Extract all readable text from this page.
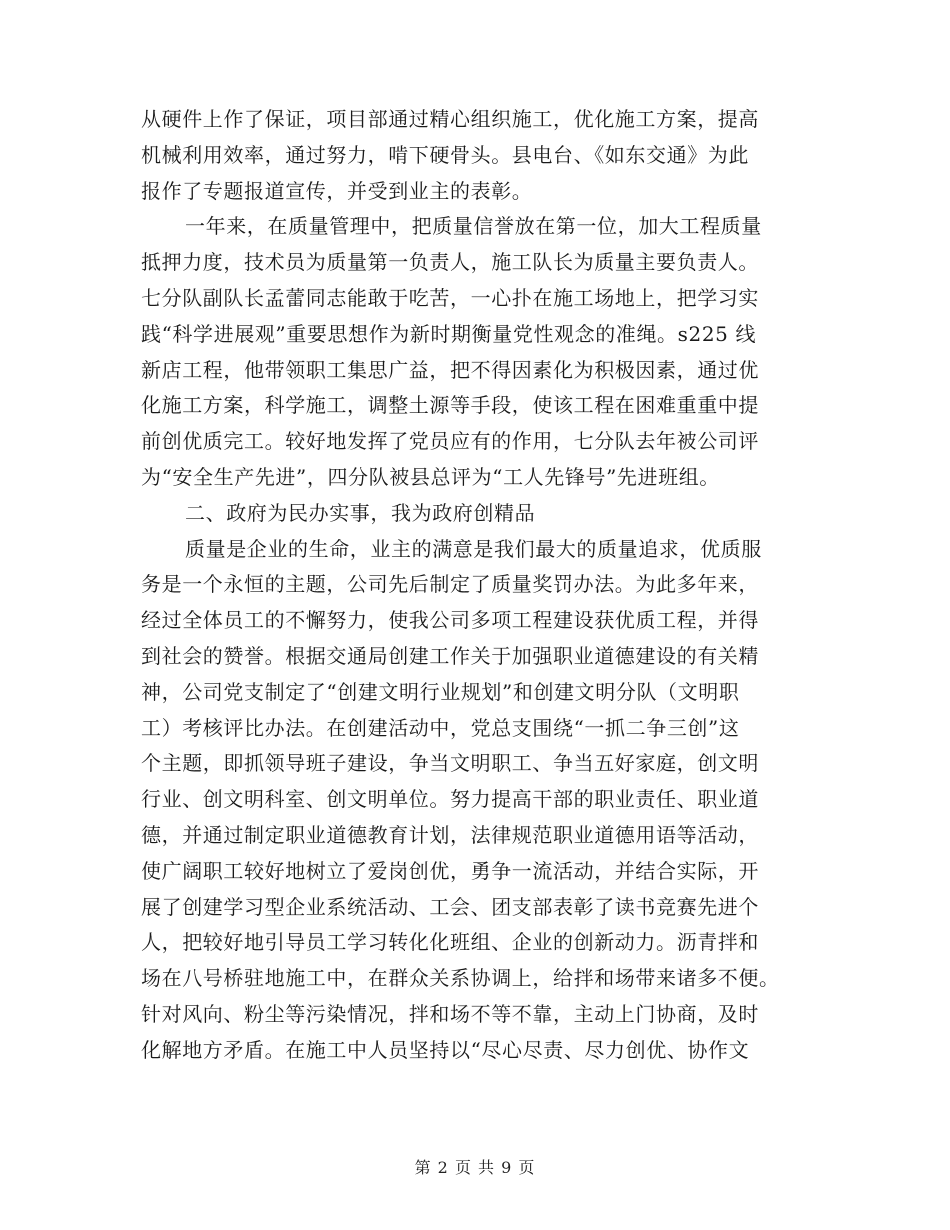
从硬件上作了保证，项目部通过精心组织施工，优化施工方案，提高
机械利用效率，通过努力，啃下硬骨头。县电台、《如东交通》为此
报作了专题报道宣传，并受到业主的表彰。
一年来，在质量管理中，把质量信誉放在第一位，加大工程质量
抵押力度，技术员为质量第一负责人，施工队长为质量主要负责人。
七分队副队长孟蕾同志能敢于吃苦，一心扑在施工场地上，把学习实
践“科学进展观”重要思想作为新时期衡量党性观念的准绳。s225 线
新店工程，他带领职工集思广益，把不得因素化为积极因素，通过优
化施工方案，科学施工，调整土源等手段，使该工程在困难重重中提
前创优质完工。较好地发挥了党员应有的作用，七分队去年被公司评
为“安全生产先进”，四分队被县总评为“工人先锋号”先进班组。
二、政府为民办实事，我为政府创精品
质量是企业的生命，业主的满意是我们最大的质量追求，优质服
务是一个永恒的主题，公司先后制定了质量奖罚办法。为此多年来，
经过全体员工的不懈努力，使我公司多项工程建设获优质工程，并得
到社会的赞誉。根据交通局创建工作关于加强职业道德建设的有关精
神，公司党支制定了“创建文明行业规划”和创建文明分队（文明职
工）考核评比办法。在创建活动中，党总支围绕“一抓二争三创”这
个主题，即抓领导班子建设，争当文明职工、争当五好家庭，创文明
行业、创文明科室、创文明单位。努力提高干部的职业责任、职业道
德，并通过制定职业道德教育计划，法律规范职业道德用语等活动，
使广阔职工较好地树立了爱岗创优，勇争一流活动，并结合实际，开
展了创建学习型企业系统活动、工会、团支部表彰了读书竞赛先进个
人，把较好地引导员工学习转化化班组、企业的创新动力。沥青拌和
场在八号桥驻地施工中，在群众关系协调上，给拌和场带来诸多不便。
针对风向、粉尘等污染情况，拌和场不等不靠，主动上门协商，及时
化解地方矛盾。在施工中人员坚持以“尽心尽责、尽力创优、协作文
第 2 页 共 9 页
